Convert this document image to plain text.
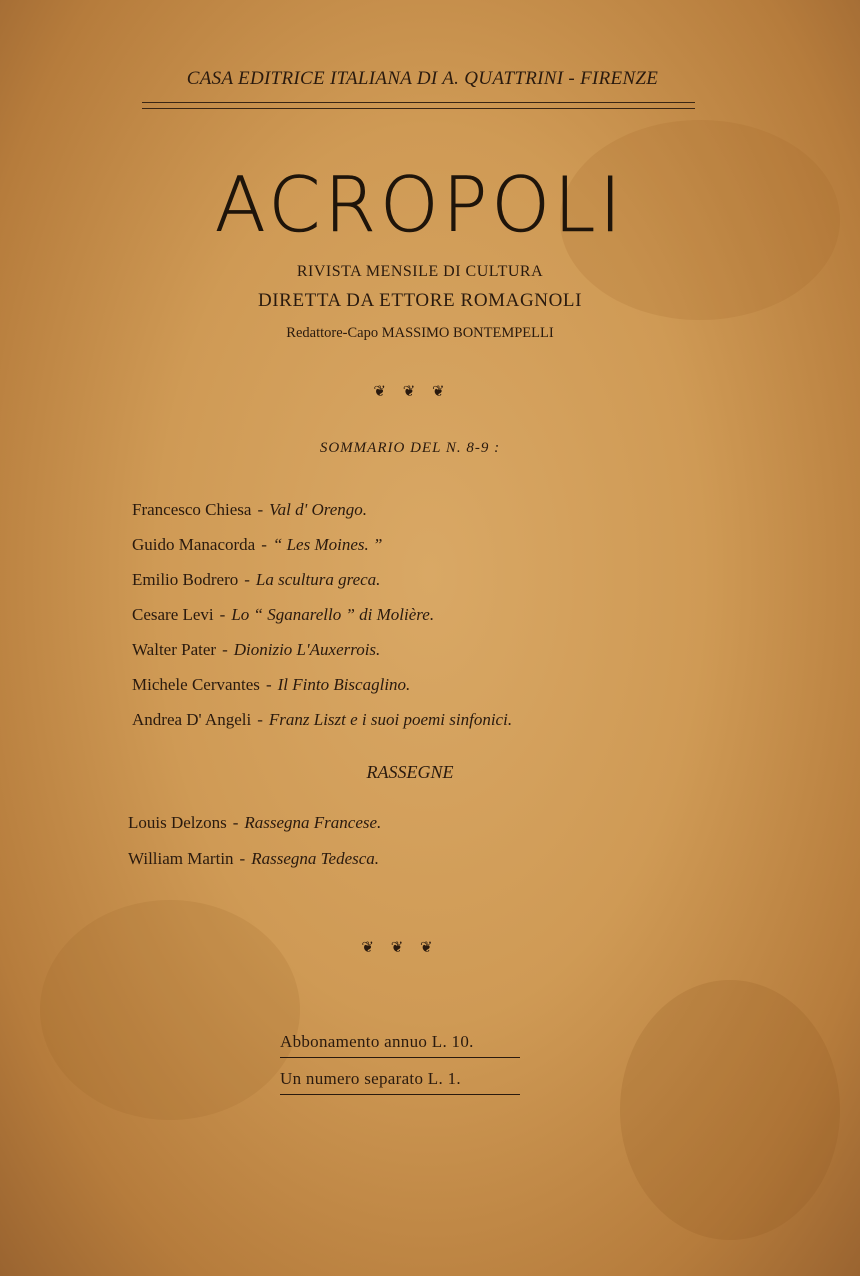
CASA EDITRICE ITALIANA DI A. QUATTRINI - FIRENZE
ACROPOLI
RIVISTA MENSILE DI CULTURA
DIRETTA DA ETTORE ROMAGNOLI
Redattore-Capo MASSIMO BONTEMPELLI
❦ ❦ ❦
SOMMARIO DEL N. 8-9 :
Francesco Chiesa - Val d' Orengo.
Guido Manacorda - “ Les Moines. ”
Emilio Bodrero - La scultura greca.
Cesare Levi - Lo “ Sganarello ” di Molière.
Walter Pater - Dionizio L'Auxerrois.
Michele Cervantes - Il Finto Biscaglino.
Andrea D' Angeli - Franz Liszt e i suoi poemi sinfonici.
RASSEGNE
Louis Delzons - Rassegna Francese.
William Martin - Rassegna Tedesca.
❦ ❦ ❦
Abbonamento annuo L. 10.
Un numero separato L. 1.
